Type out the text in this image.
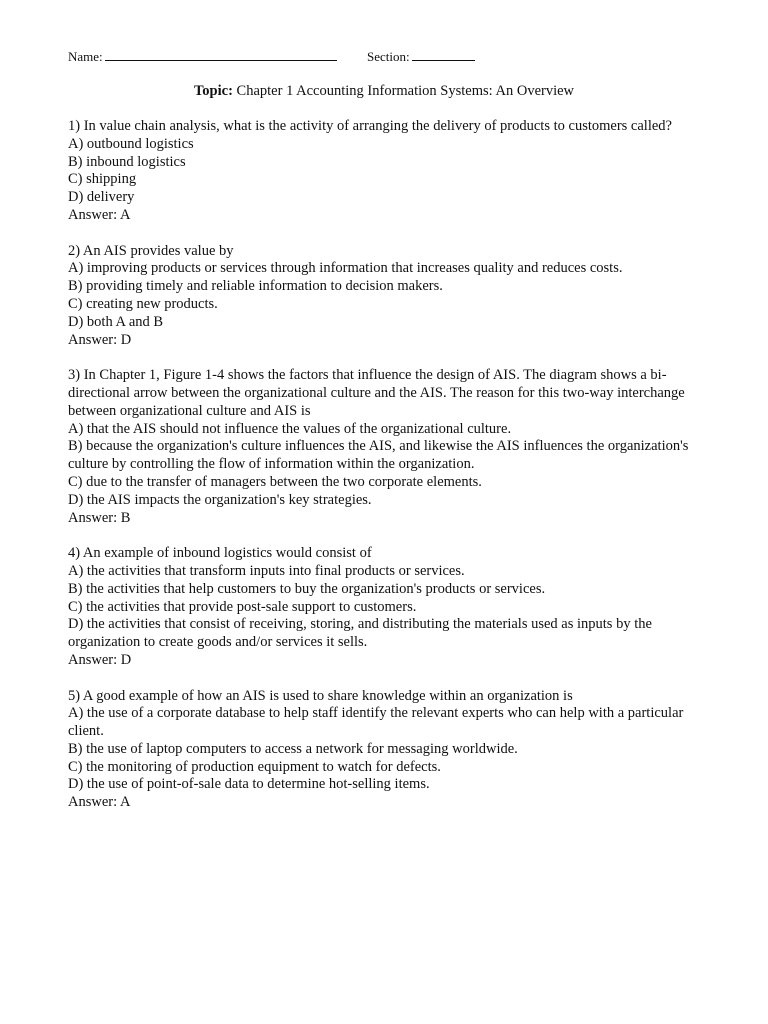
Name:	Section:
Topic: Chapter 1 Accounting Information Systems: An Overview
1) In value chain analysis, what is the activity of arranging the delivery of products to customers called?
A) outbound logistics
B) inbound logistics
C) shipping
D) delivery
Answer: A
2) An AIS provides value by
A) improving products or services through information that increases quality and reduces costs.
B) providing timely and reliable information to decision makers.
C) creating new products.
D) both A and B
Answer: D
3) In Chapter 1, Figure 1-4 shows the factors that influence the design of AIS. The diagram shows a bi-directional arrow between the organizational culture and the AIS. The reason for this two-way interchange between organizational culture and AIS is
A) that the AIS should not influence the values of the organizational culture.
B) because the organization's culture influences the AIS, and likewise the AIS influences the organization's culture by controlling the flow of information within the organization.
C) due to the transfer of managers between the two corporate elements.
D) the AIS impacts the organization's key strategies.
Answer: B
4) An example of inbound logistics would consist of
A) the activities that transform inputs into final products or services.
B) the activities that help customers to buy the organization's products or services.
C) the activities that provide post-sale support to customers.
D) the activities that consist of receiving, storing, and distributing the materials used as inputs by the organization to create goods and/or services it sells.
Answer: D
5) A good example of how an AIS is used to share knowledge within an organization is
A) the use of a corporate database to help staff identify the relevant experts who can help with a particular client.
B) the use of laptop computers to access a network for messaging worldwide.
C) the monitoring of production equipment to watch for defects.
D) the use of point-of-sale data to determine hot-selling items.
Answer: A
